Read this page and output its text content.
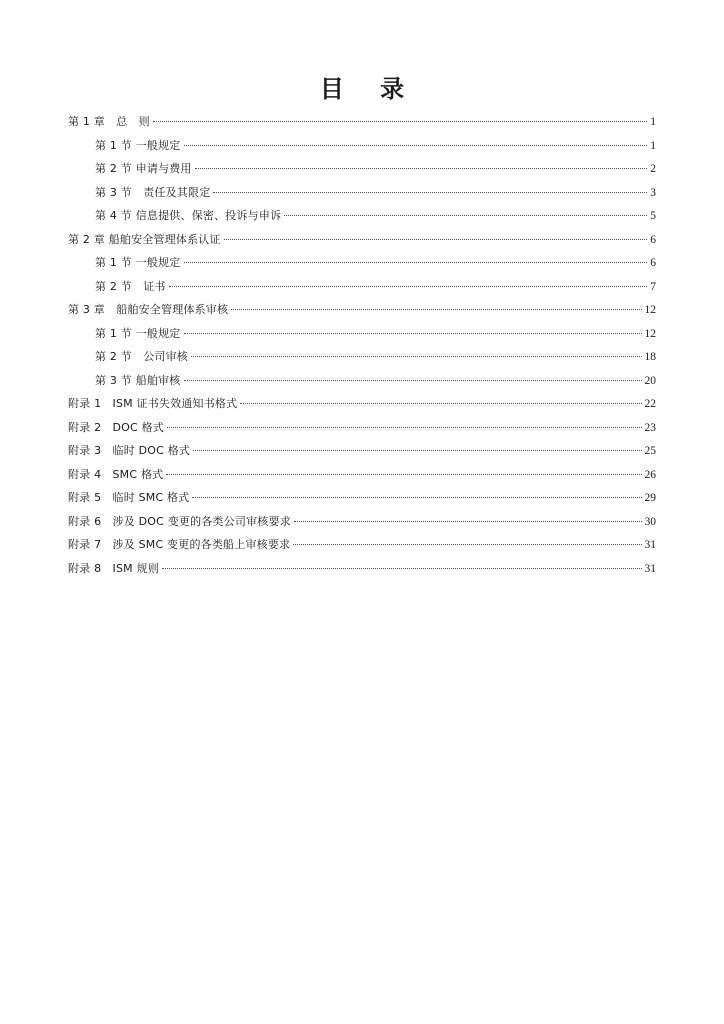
目 录
第 1 章　总　则	1
第 1 节 一般规定	1
第 2 节 申请与费用	2
第 3 节　责任及其限定	3
第 4 节 信息提供、保密、投诉与申诉	5
第 2 章 船舶安全管理体系认证	6
第 1 节 一般规定	6
第 2 节　证书	7
第 3 章　船舶安全管理体系审核	12
第 1 节 一般规定	12
第 2 节　公司审核	18
第 3 节 船舶审核	20
附录 1　ISM 证书失效通知书格式	22
附录 2　DOC 格式	23
附录 3　临时 DOC 格式	25
附录 4　SMC 格式	26
附录 5　临时 SMC 格式	29
附录 6　涉及 DOC 变更的各类公司审核要求	30
附录 7　涉及 SMC 变更的各类船上审核要求	31
附录 8　ISM 规则	31
